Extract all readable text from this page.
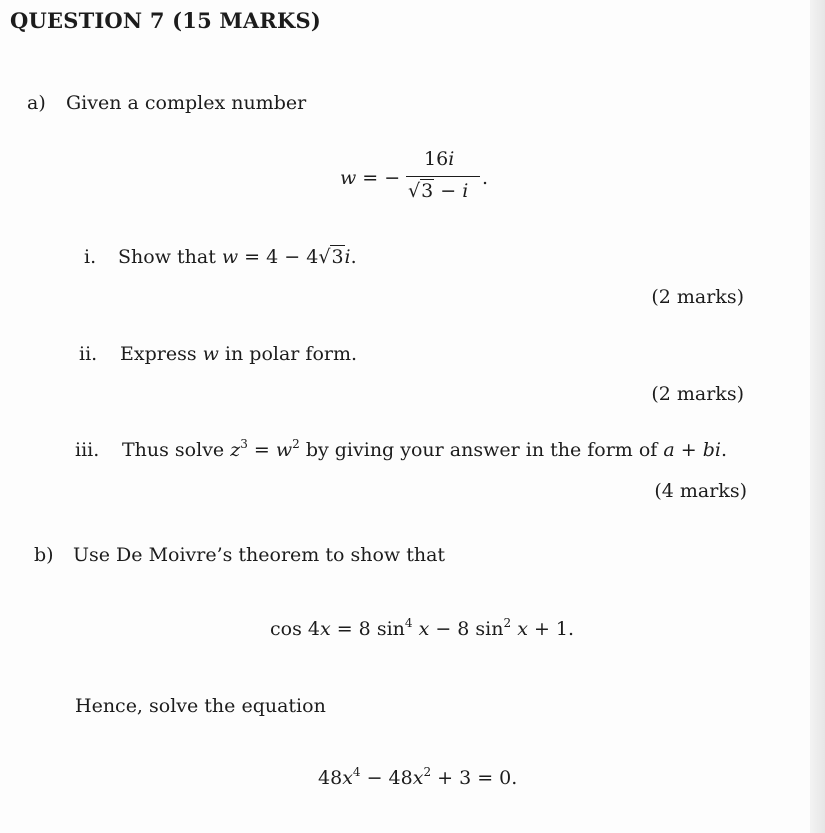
QUESTION 7 (15 MARKS)
a) Given a complex number
w = −
16i
√3 − i
.
i. Show that w = 4 − 4√3i.
(2 marks)
ii. Express w in polar form.
(2 marks)
iii. Thus solve $z^3 = w^2$ by giving your answer in the form of a + bi.
(4 marks)
b) Use De Moivre’s theorem to show that
cos 4x = 8 $\sin^4 x - 8$ $\sin^2 x + 1$.
Hence, solve the equation
$48x^4 - 48x^2 + 3 = 0$.
